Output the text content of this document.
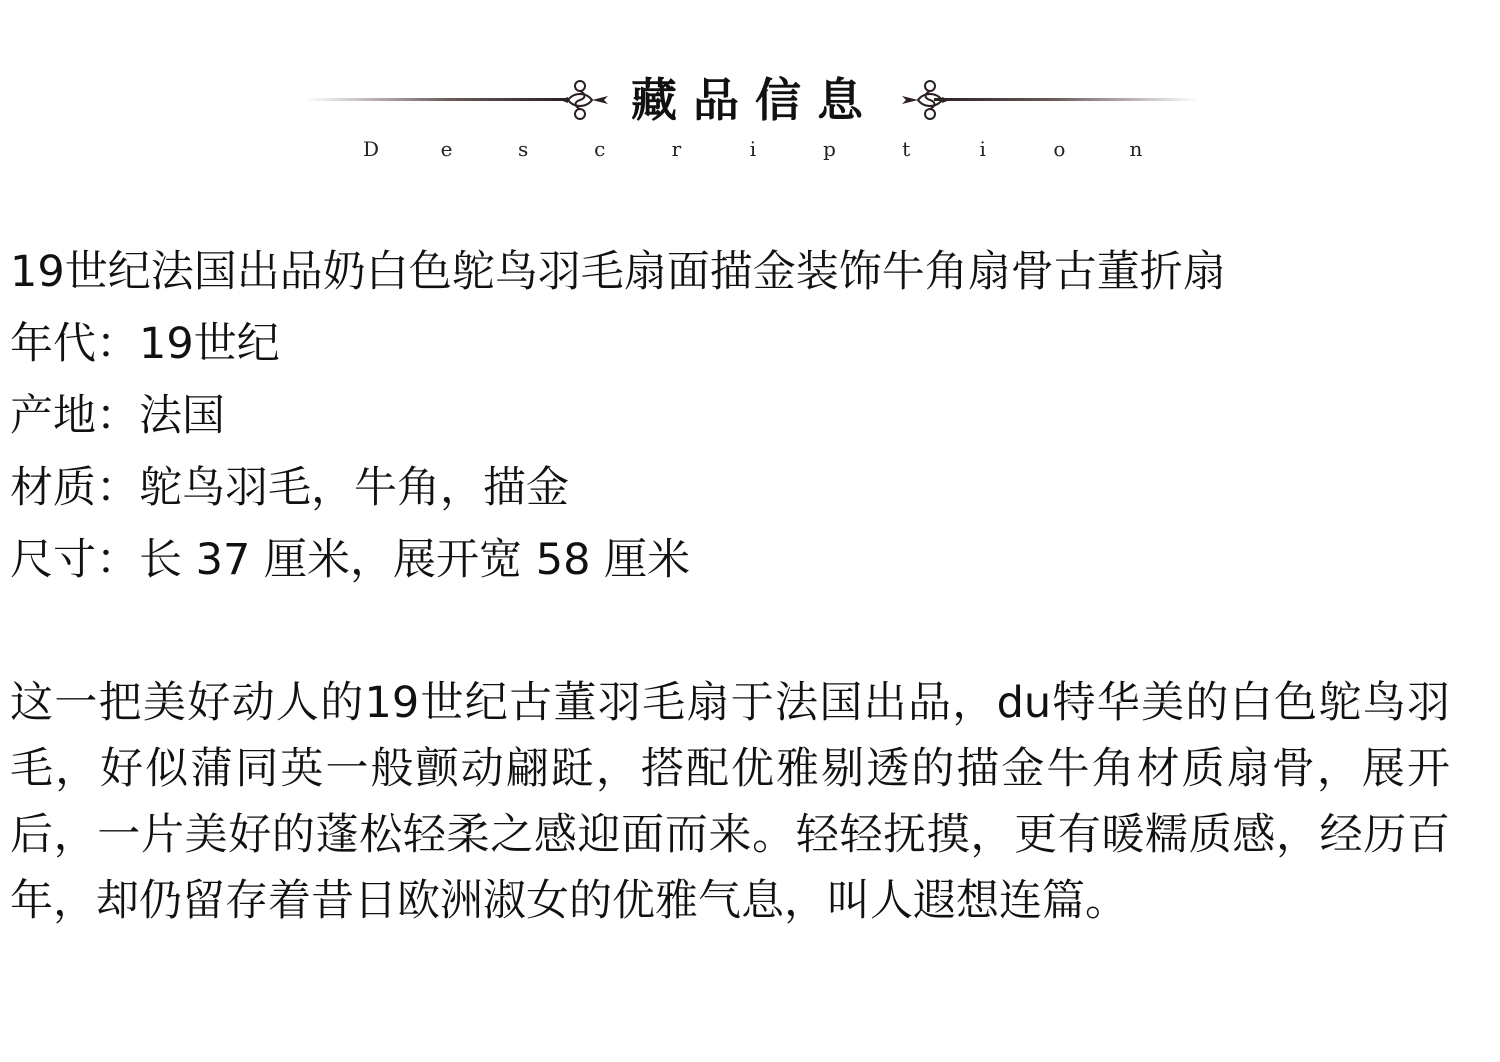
藏品信息
D	e	s	c	r	i	p	t	i	o	n
19世纪法国出品奶白色鸵鸟羽毛扇面描金装饰牛角扇骨古董折扇
年代：19世纪
产地：法国
材质：鸵鸟羽毛，牛角，描金
尺寸：长 37 厘米，展开宽 58 厘米
这一把美好动人的19世纪古董羽毛扇于法国出品，du特华美的白色鸵鸟羽毛，好似蒲同英一般颤动翩跹，搭配优雅剔透的描金牛角材质扇骨，展开后，一片美好的蓬松轻柔之感迎面而来。轻轻抚摸，更有暖糯质感，经历百年，却仍留存着昔日欧洲淑女的优雅气息，叫人遐想连篇。
